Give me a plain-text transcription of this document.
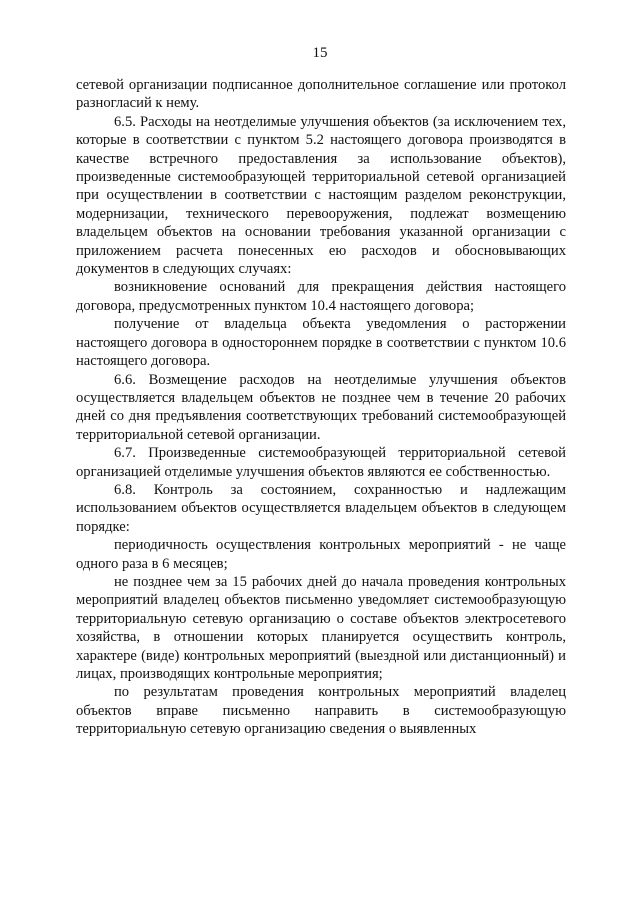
15

сетевой организации подписанное дополнительное соглашение или протокол разногласий к нему.

6.5. Расходы на неотделимые улучшения объектов (за исключением тех, которые в соответствии с пунктом 5.2 настоящего договора производятся в качестве встречного предоставления за использование объектов), произведенные системообразующей территориальной сетевой организацией при осуществлении в соответствии с настоящим разделом реконструкции, модернизации, технического перевооружения, подлежат возмещению владельцем объектов на основании требования указанной организации с приложением расчета понесенных ею расходов и обосновывающих документов в следующих случаях:

возникновение оснований для прекращения действия настоящего договора, предусмотренных пунктом 10.4 настоящего договора;

получение от владельца объекта уведомления о расторжении настоящего договора в одностороннем порядке в соответствии с пунктом 10.6 настоящего договора.

6.6. Возмещение расходов на неотделимые улучшения объектов осуществляется владельцем объектов не позднее чем в течение 20 рабочих дней со дня предъявления соответствующих требований системообразующей территориальной сетевой организации.

6.7. Произведенные системообразующей территориальной сетевой организацией отделимые улучшения объектов являются ее собственностью.

6.8. Контроль за состоянием, сохранностью и надлежащим использованием объектов осуществляется владельцем объектов в следующем порядке:

периодичность осуществления контрольных мероприятий - не чаще одного раза в 6 месяцев;

не позднее чем за 15 рабочих дней до начала проведения контрольных мероприятий владелец объектов письменно уведомляет системообразующую территориальную сетевую организацию о составе объектов электросетевого хозяйства, в отношении которых планируется осуществить контроль, характере (виде) контрольных мероприятий (выездной или дистанционный) и лицах, производящих контрольные мероприятия;

по результатам проведения контрольных мероприятий владелец объектов вправе письменно направить в системообразующую территориальную сетевую организацию сведения о выявленных
